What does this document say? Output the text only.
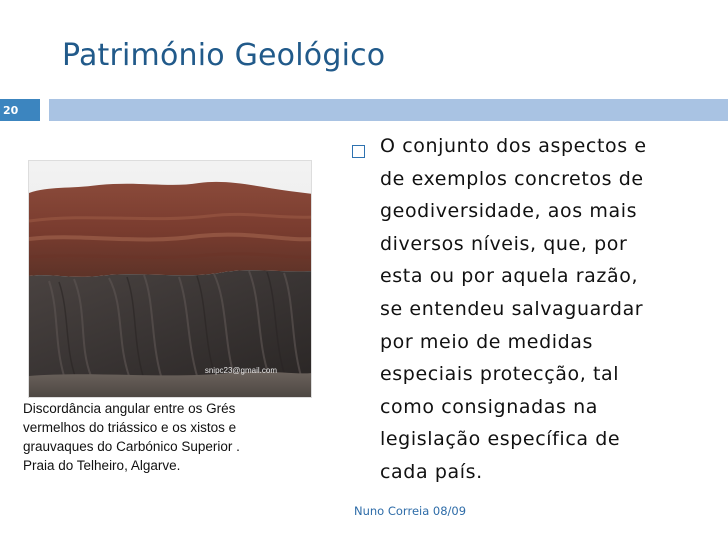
Património Geológico
20
snipc23@gmail.com
Discordância angular entre os Grés
vermelhos do triássico e os xistos e
grauvaques do Carbónico Superior .
Praia do Telheiro, Algarve.
O conjunto dos aspectos e
de exemplos concretos de
geodiversidade, aos mais
diversos níveis, que, por
esta ou por aquela razão,
se entendeu salvaguardar
por meio de medidas
especiais protecção, tal
como consignadas na
legislação específica de
cada país.
Nuno Correia 08/09
